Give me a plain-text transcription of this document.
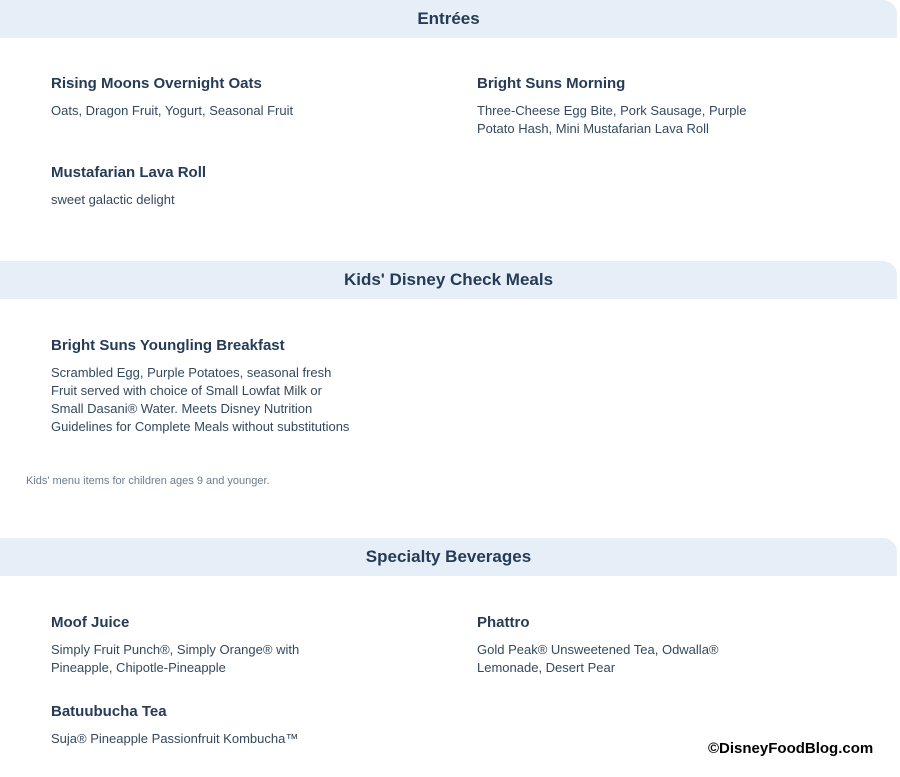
Entrées
Rising Moons Overnight Oats
Oats, Dragon Fruit, Yogurt, Seasonal Fruit
Bright Suns Morning
Three-Cheese Egg Bite, Pork Sausage, Purple Potato Hash, Mini Mustafarian Lava Roll
Mustafarian Lava Roll
sweet galactic delight
Kids' Disney Check Meals
Bright Suns Youngling Breakfast
Scrambled Egg, Purple Potatoes, seasonal fresh Fruit served with choice of Small Lowfat Milk or Small Dasani® Water. Meets Disney Nutrition Guidelines for Complete Meals without substitutions
Kids' menu items for children ages 9 and younger.
Specialty Beverages
Moof Juice
Simply Fruit Punch®, Simply Orange® with Pineapple, Chipotle-Pineapple
Phattro
Gold Peak® Unsweetened Tea, Odwalla® Lemonade, Desert Pear
Batuubucha Tea
Suja® Pineapple Passionfruit Kombucha™
©DisneyFoodBlog.com
